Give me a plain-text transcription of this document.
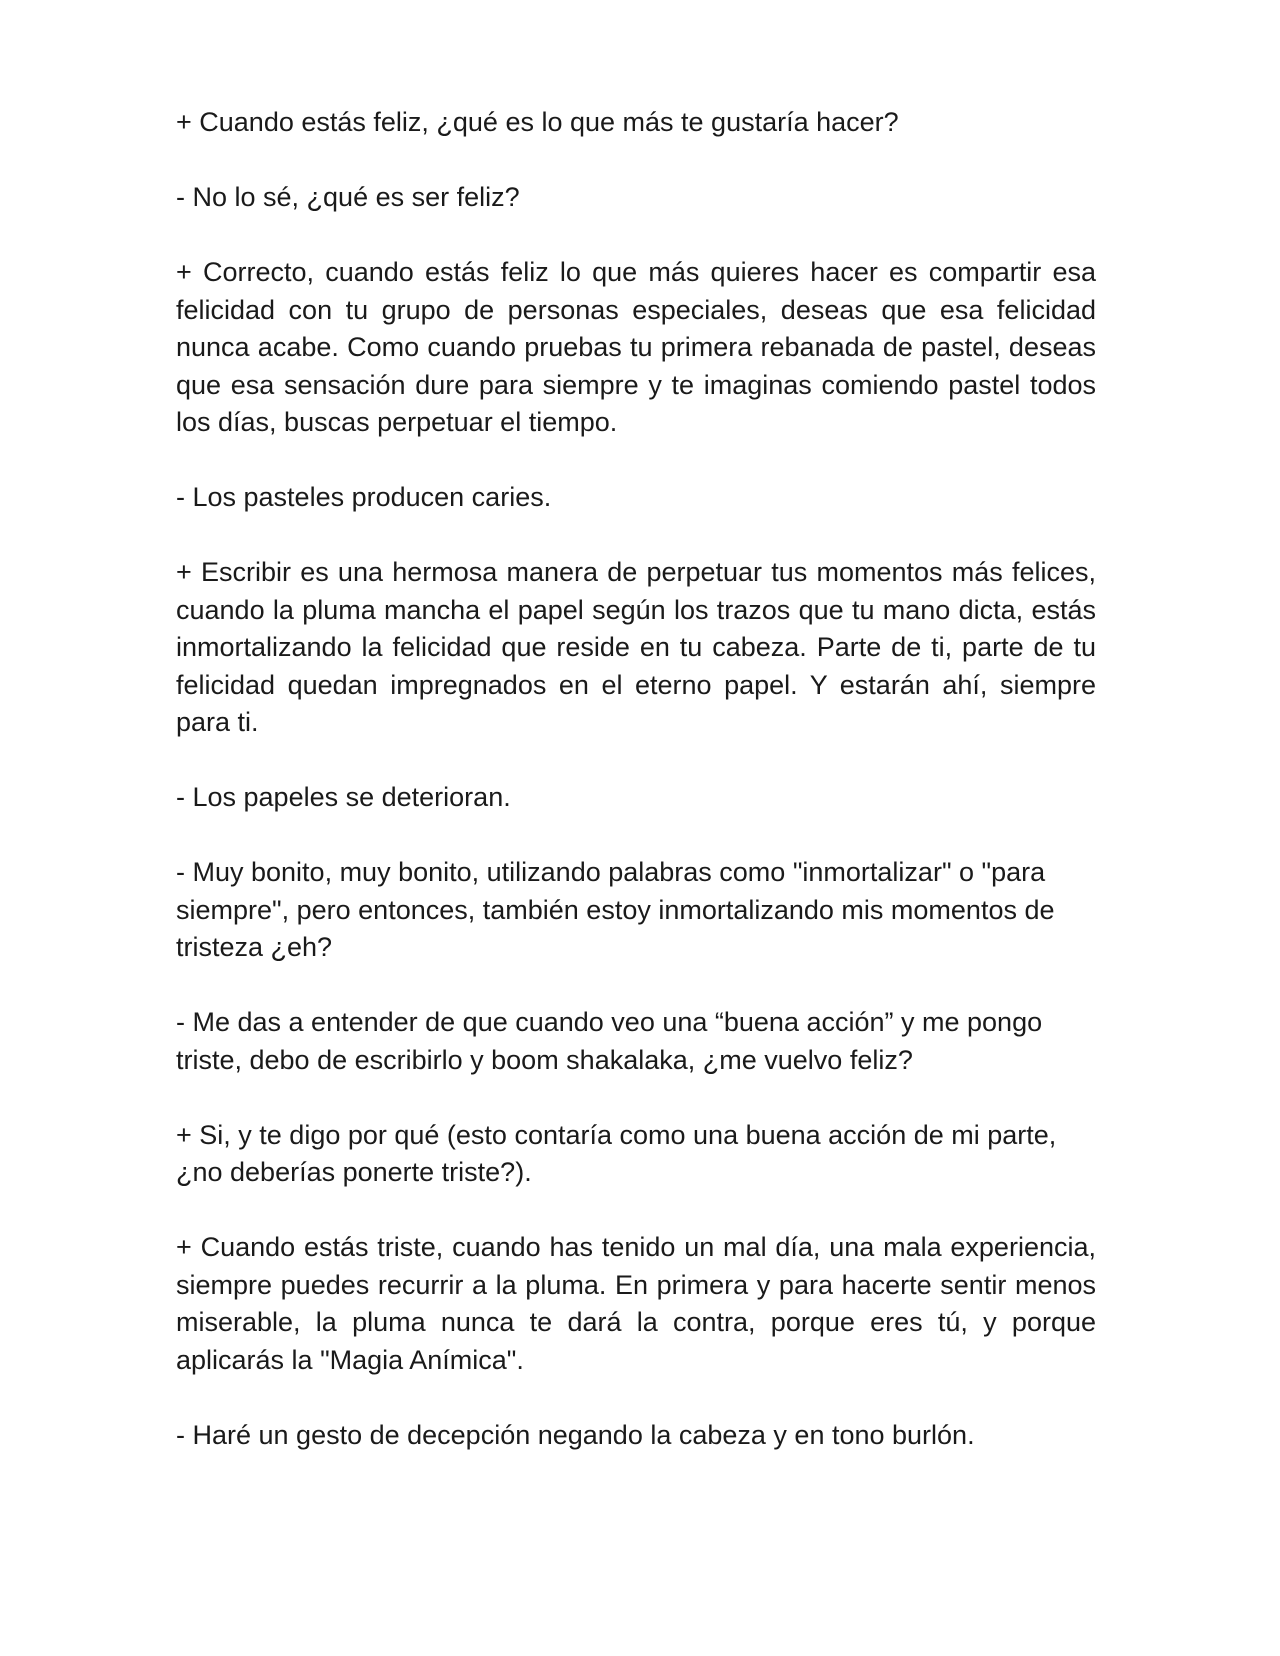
+ Cuando estás feliz, ¿qué es lo que más te gustaría hacer?

- No lo sé, ¿qué es ser feliz?

+ Correcto, cuando estás feliz lo que más quieres hacer es compartir esa felicidad con tu grupo de personas especiales, deseas que esa felicidad nunca acabe. Como cuando pruebas tu primera rebanada de pastel, deseas que esa sensación dure para siempre y te imaginas comiendo pastel todos los días, buscas perpetuar el tiempo.

- Los pasteles producen caries.

+ Escribir es una hermosa manera de perpetuar tus momentos más felices, cuando la pluma mancha el papel según los trazos que tu mano dicta, estás inmortalizando la felicidad que reside en tu cabeza. Parte de ti, parte de tu felicidad quedan impregnados en el eterno papel. Y estarán ahí, siempre para ti.

- Los papeles se deterioran.

- Muy bonito, muy bonito, utilizando palabras como "inmortalizar" o "para siempre", pero entonces, también estoy inmortalizando mis momentos de tristeza ¿eh?

- Me das a entender de que cuando veo una “buena acción” y me pongo triste, debo de escribirlo y boom shakalaka, ¿me vuelvo feliz?

+ Si, y te digo por qué (esto contaría como una buena acción de mi parte, ¿no deberías ponerte triste?).

+ Cuando estás triste, cuando has tenido un mal día, una mala experiencia, siempre puedes recurrir a la pluma. En primera y para hacerte sentir menos miserable, la pluma nunca te dará la contra, porque eres tú, y porque aplicarás la "Magia Anímica".

- Haré un gesto de decepción negando la cabeza y en tono burlón.
